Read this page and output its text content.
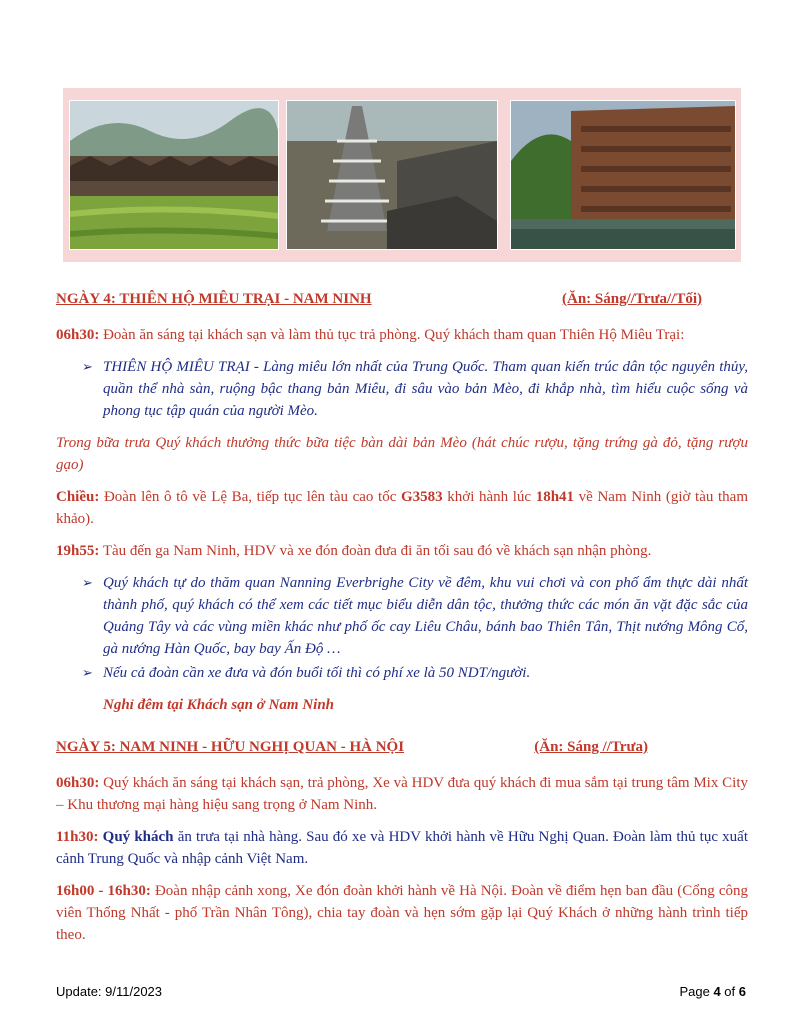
NGÀY 4: THIÊN HỘ MIÊU TRẠI - NAM NINH	(Ăn: Sáng//Trưa//Tối)

06h30: Đoàn ăn sáng tại khách sạn và làm thủ tục trả phòng. Quý khách tham quan Thiên Hộ Miêu Trại:

➢ THIÊN HỘ MIÊU TRẠI - Làng miêu lớn nhất của Trung Quốc. Tham quan kiến trúc dân tộc nguyên thủy, quần thể nhà sàn, ruộng bậc thang bản Miêu, đi sâu vào bản Mèo, đi khắp nhà, tìm hiểu cuộc sống và phong tục tập quán của người Mèo.

Trong bữa trưa Quý khách thưởng thức bữa tiệc bàn dài bản Mèo (hát chúc rượu, tặng trứng gà đỏ, tặng rượu gạo)

Chiều: Đoàn lên ô tô về Lệ Ba, tiếp tục lên tàu cao tốc G3583 khởi hành lúc 18h41 về Nam Ninh (giờ tàu tham khảo).

19h55: Tàu đến ga Nam Ninh, HDV và xe đón đoàn đưa đi ăn tối sau đó về khách sạn nhận phòng.

➢ Quý khách tự do thăm quan Nanning Everbrighe City về đêm, khu vui chơi và con phố ẩm thực dài nhất thành phố, quý khách có thể xem các tiết mục biểu diễn dân tộc, thưởng thức các món ăn vặt đặc sắc của Quảng Tây và các vùng miền khác như phố ốc cay Liêu Châu, bánh bao Thiên Tân, Thịt nướng Mông Cổ, gà nướng Hàn Quốc, bay bay Ấn Độ …
➢ Nếu cả đoàn cần xe đưa và đón buổi tối thì có phí xe là 50 NDT/người.
Nghỉ đêm tại Khách sạn ở Nam Ninh
NGÀY 5: NAM NINH - HỮU NGHỊ QUAN - HÀ NỘI	(Ăn: Sáng //Trưa)

06h30: Quý khách ăn sáng tại khách sạn, trả phòng, Xe và HDV đưa quý khách đi mua sắm tại trung tâm Mix City – Khu thương mại hàng hiệu sang trọng ở Nam Ninh.

11h30: Quý khách ăn trưa tại nhà hàng. Sau đó xe và HDV khởi hành về Hữu Nghị Quan. Đoàn làm thủ tục xuất cảnh Trung Quốc và nhập cảnh Việt Nam.

16h00 - 16h30: Đoàn nhập cảnh xong, Xe đón đoàn khởi hành về Hà Nội. Đoàn về điểm hẹn ban đầu (Cổng công viên Thống Nhất - phố Trần Nhân Tông), chia tay đoàn và hẹn sớm gặp lại Quý Khách ở những hành trình tiếp theo.

Update: 9/11/2023	Page 4 of 6
